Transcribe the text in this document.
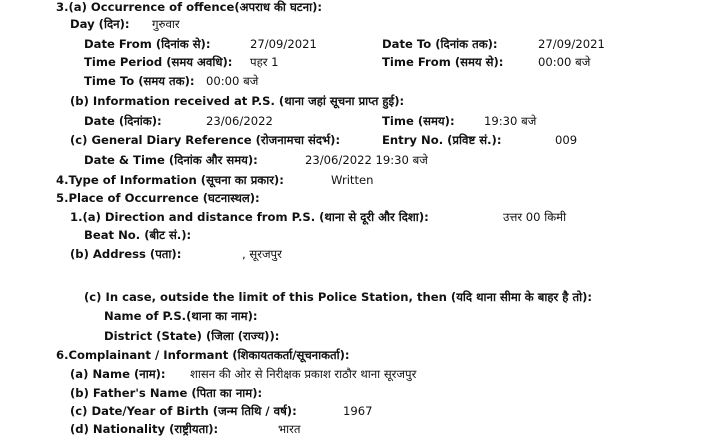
3.(a) Occurrence of offence(अपराध की घटना):
Day (दिन): गुरुवार
Date From (दिनांक से):	27/09/2021	Date To (दिनांक तक):	27/09/2021
Time Period (समय अवधि): पहर 1	Time From (समय से):	00:00 बजे
Time To (समय तक): 00:00 बजे
(b) Information received at P.S. (थाना जहां सूचना प्राप्त हुई):
Date (दिनांक):	23/06/2022	Time (समय):	19:30 बजे
(c) General Diary Reference (रोजनामचा संदर्भ):	Entry No. (प्रविष्ट सं.):	009
Date & Time (दिनांक और समय):	23/06/2022 19:30 बजे
4.Type of Information (सूचना का प्रकार):	Written
5.Place of Occurrence (घटनास्थल):
1.(a) Direction and distance from P.S. (थाना से दूरी और दिशा):	उत्तर 00 किमी
Beat No. (बीट सं.):
(b) Address (पता):	, सूरजपुर
(c) In case, outside the limit of this Police Station, then (यदि थाना सीमा के बाहर है तो):
Name of P.S.(थाना का नाम):
District (State) (जिला (राज्य)):
6.Complainant / Informant (शिकायतकर्ता/सूचनाकर्ता):
(a) Name (नाम): शासन की ओर से निरीक्षक प्रकाश राठौर थाना सूरजपुर
(b) Father's Name (पिता का नाम):
(c) Date/Year of Birth (जन्म तिथि / वर्ष):	1967
(d) Nationality (राष्ट्रीयता):	भारत
